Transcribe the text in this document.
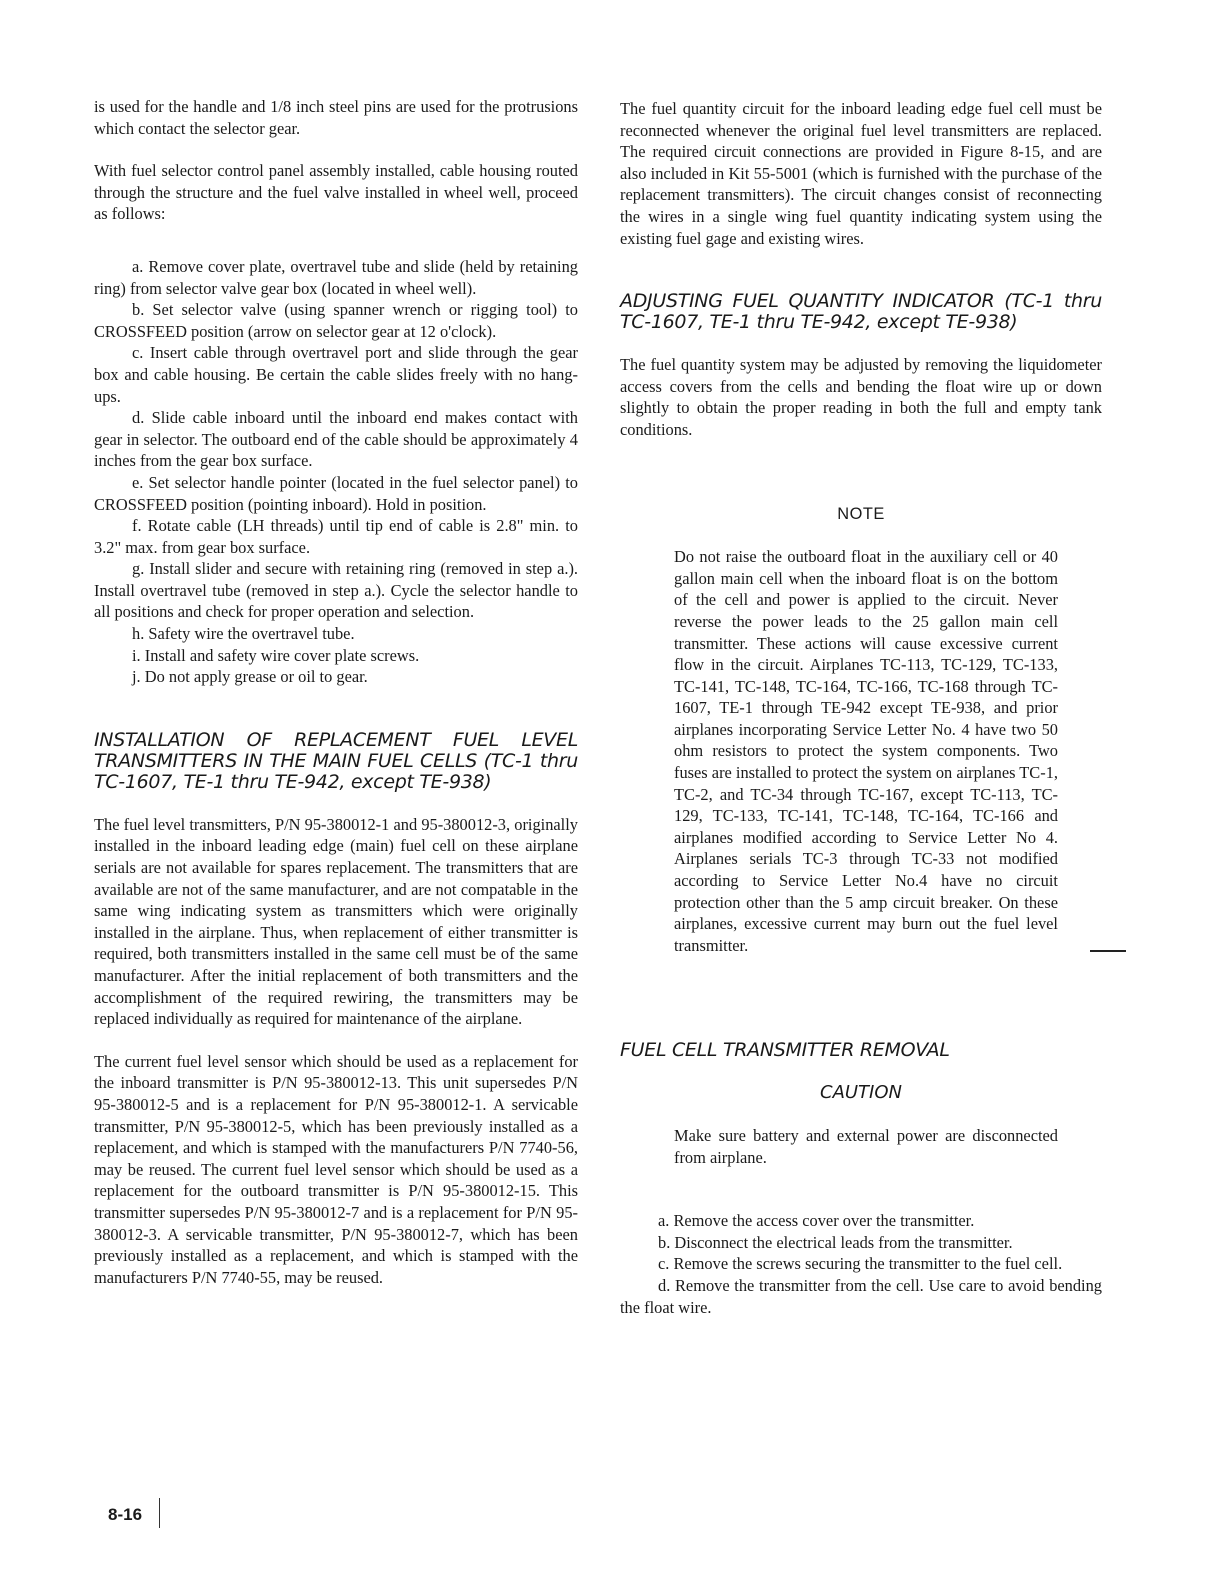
is used for the handle and 1/8 inch steel pins are used for the protrusions which contact the selector gear.

With fuel selector control panel assembly installed, cable housing routed through the structure and the fuel valve installed in wheel well, proceed as follows:

a. Remove cover plate, overtravel tube and slide (held by retaining ring) from selector valve gear box (located in wheel well).

b. Set selector valve (using spanner wrench or rigging tool) to CROSSFEED position (arrow on selector gear at 12 o'clock).

c. Insert cable through overtravel port and slide through the gear box and cable housing. Be certain the cable slides freely with no hang-ups.

d. Slide cable inboard until the inboard end makes contact with gear in selector. The outboard end of the cable should be approximately 4 inches from the gear box surface.

e. Set selector handle pointer (located in the fuel selector panel) to CROSSFEED position (pointing inboard). Hold in position.

f. Rotate cable (LH threads) until tip end of cable is 2.8" min. to 3.2" max. from gear box surface.

g. Install slider and secure with retaining ring (removed in step a.). Install overtravel tube (removed in step a.). Cycle the selector handle to all positions and check for proper operation and selection.

h. Safety wire the overtravel tube.

i. Install and safety wire cover plate screws.

j. Do not apply grease or oil to gear.

INSTALLATION OF REPLACEMENT FUEL LEVEL TRANSMITTERS IN THE MAIN FUEL CELLS (TC-1 thru TC-1607, TE-1 thru TE-942, except TE-938)

The fuel level transmitters, P/N 95-380012-1 and 95-380012-3, originally installed in the inboard leading edge (main) fuel cell on these airplane serials are not available for spares replacement. The transmitters that are available are not of the same manufacturer, and are not compatable in the same wing indicating system as transmitters which were originally installed in the airplane. Thus, when replacement of either transmitter is required, both transmitters installed in the same cell must be of the same manufacturer. After the initial replacement of both transmitters and the accomplishment of the required rewiring, the transmitters may be replaced individually as required for maintenance of the airplane.

The current fuel level sensor which should be used as a replacement for the inboard transmitter is P/N 95-380012-13. This unit supersedes P/N 95-380012-5 and is a replacement for P/N 95-380012-1. A servicable transmitter, P/N 95-380012-5, which has been previously installed as a replacement, and which is stamped with the manufacturers P/N 7740-56, may be reused. The current fuel level sensor which should be used as a replacement for the outboard transmitter is P/N 95-380012-15. This transmitter supersedes P/N 95-380012-7 and is a replacement for P/N 95-380012-3. A servicable transmitter, P/N 95-380012-7, which has been previously installed as a replacement, and which is stamped with the manufacturers P/N 7740-55, may be reused.

The fuel quantity circuit for the inboard leading edge fuel cell must be reconnected whenever the original fuel level transmitters are replaced. The required circuit connections are provided in Figure 8-15, and are also included in Kit 55-5001 (which is furnished with the purchase of the replacement transmitters). The circuit changes consist of reconnecting the wires in a single wing fuel quantity indicating system using the existing fuel gage and existing wires.

ADJUSTING FUEL QUANTITY INDICATOR (TC-1 thru TC-1607, TE-1 thru TE-942, except TE-938)

The fuel quantity system may be adjusted by removing the liquidometer access covers from the cells and bending the float wire up or down slightly to obtain the proper reading in both the full and empty tank conditions.

NOTE

Do not raise the outboard float in the auxiliary cell or 40 gallon main cell when the inboard float is on the bottom of the cell and power is applied to the circuit. Never reverse the power leads to the 25 gallon main cell transmitter. These actions will cause excessive current flow in the circuit. Airplanes TC-113, TC-129, TC-133, TC-141, TC-148, TC-164, TC-166, TC-168 through TC-1607, TE-1 through TE-942 except TE-938, and prior airplanes incorporating Service Letter No. 4 have two 50 ohm resistors to protect the system components. Two fuses are installed to protect the system on airplanes TC-1, TC-2, and TC-34 through TC-167, except TC-113, TC-129, TC-133, TC-141, TC-148, TC-164, TC-166 and airplanes modified according to Service Letter No 4. Airplanes serials TC-3 through TC-33 not modified according to Service Letter No.4 have no circuit protection other than the 5 amp circuit breaker. On these airplanes, excessive current may burn out the fuel level transmitter.

FUEL CELL TRANSMITTER REMOVAL

CAUTION

Make sure battery and external power are disconnected from airplane.

a. Remove the access cover over the transmitter.

b. Disconnect the electrical leads from the transmitter.

c. Remove the screws securing the transmitter to the fuel cell.

d. Remove the transmitter from the cell. Use care to avoid bending the float wire.

8-16
